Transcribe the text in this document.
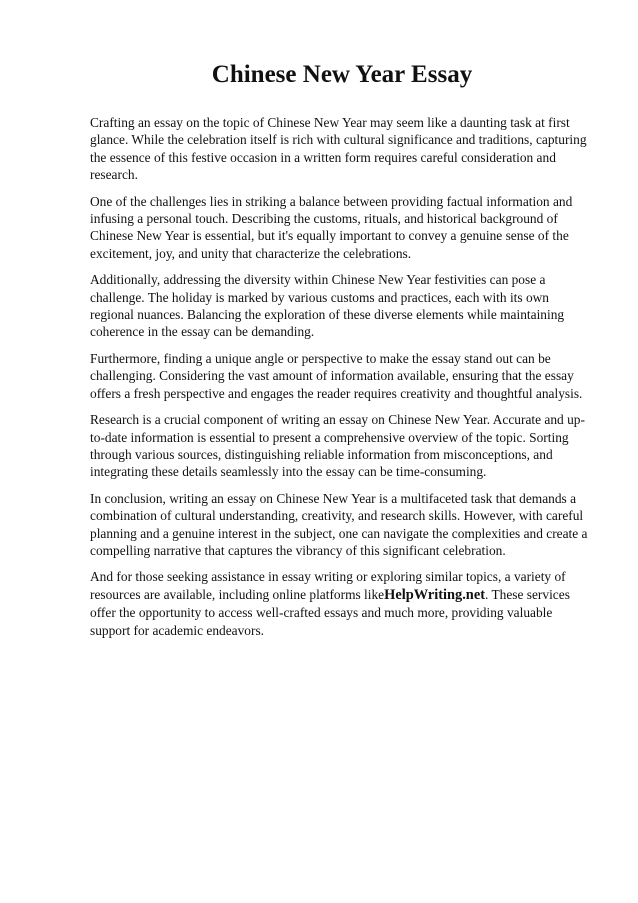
Chinese New Year Essay

Crafting an essay on the topic of Chinese New Year may seem like a daunting task at first glance. While the celebration itself is rich with cultural significance and traditions, capturing the essence of this festive occasion in a written form requires careful consideration and research.

One of the challenges lies in striking a balance between providing factual information and infusing a personal touch. Describing the customs, rituals, and historical background of Chinese New Year is essential, but it's equally important to convey a genuine sense of the excitement, joy, and unity that characterize the celebrations.

Additionally, addressing the diversity within Chinese New Year festivities can pose a challenge. The holiday is marked by various customs and practices, each with its own regional nuances. Balancing the exploration of these diverse elements while maintaining coherence in the essay can be demanding.

Furthermore, finding a unique angle or perspective to make the essay stand out can be challenging. Considering the vast amount of information available, ensuring that the essay offers a fresh perspective and engages the reader requires creativity and thoughtful analysis.

Research is a crucial component of writing an essay on Chinese New Year. Accurate and up-to-date information is essential to present a comprehensive overview of the topic. Sorting through various sources, distinguishing reliable information from misconceptions, and integrating these details seamlessly into the essay can be time-consuming.

In conclusion, writing an essay on Chinese New Year is a multifaceted task that demands a combination of cultural understanding, creativity, and research skills. However, with careful planning and a genuine interest in the subject, one can navigate the complexities and create a compelling narrative that captures the vibrancy of this significant celebration.

And for those seeking assistance in essay writing or exploring similar topics, a variety of resources are available, including online platforms likeHelpWriting.net. These services offer the opportunity to access well-crafted essays and much more, providing valuable support for academic endeavors.
